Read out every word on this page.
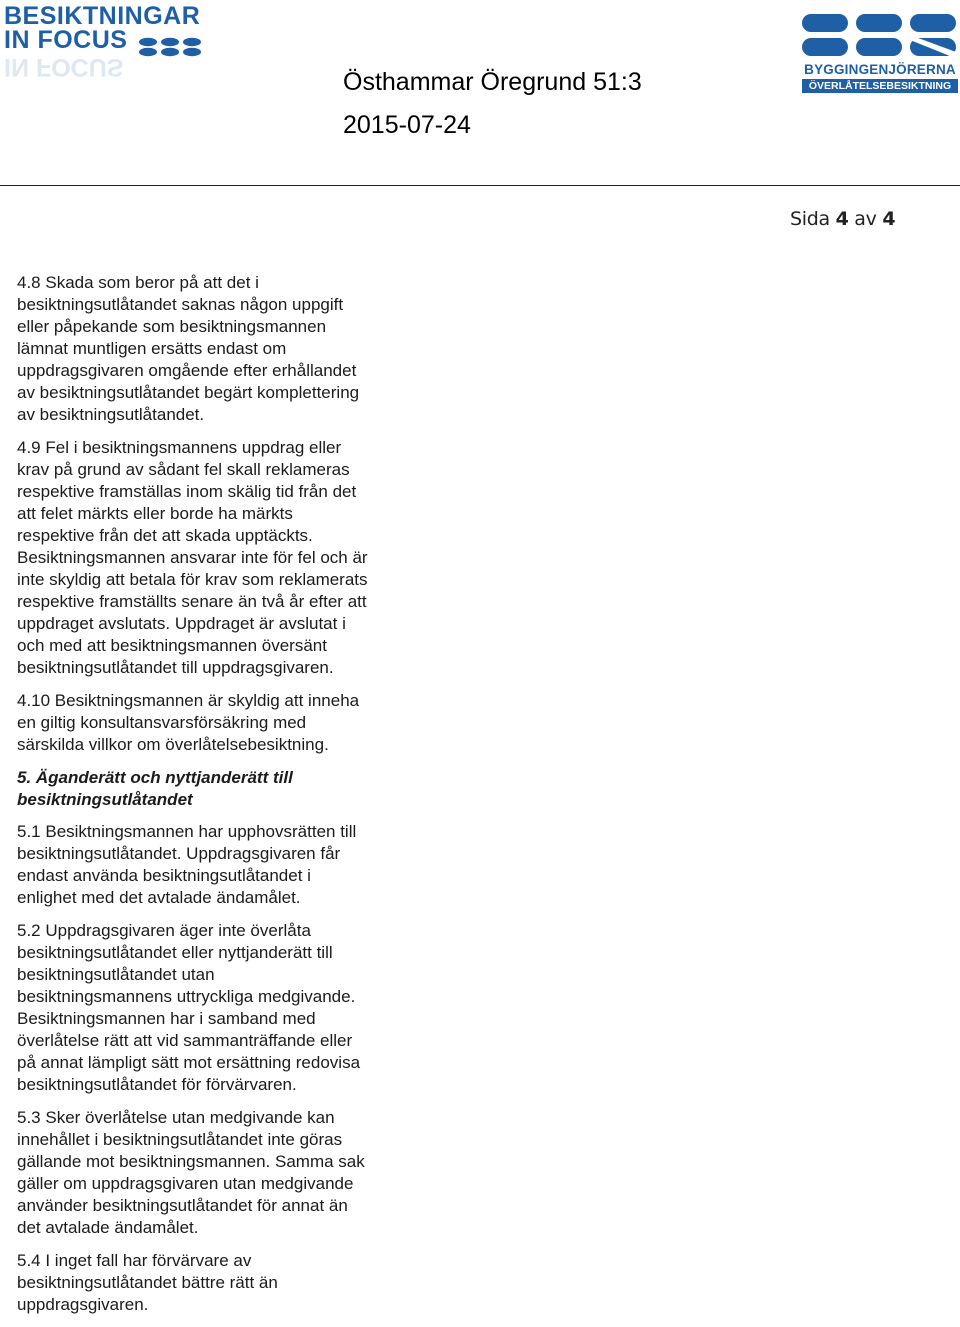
BESIKTNINGAR
IN FOCUS
IN FOCUS
Östhammar Öregrund 51:3
2015-07-24
BYGGINGENJÖRERNA
ÖVERLÅTELSEBESIKTNING
Sida 4 av 4

4.8 Skada som beror på att det i
besiktningsutlåtandet saknas någon uppgift
eller påpekande som besiktningsmannen
lämnat muntligen ersätts endast om
uppdragsgivaren omgående efter erhållandet
av besiktningsutlåtandet begärt komplettering
av besiktningsutlåtandet.

4.9 Fel i besiktningsmannens uppdrag eller
krav på grund av sådant fel skall reklameras
respektive framställas inom skälig tid från det
att felet märkts eller borde ha märkts
respektive från det att skada upptäckts.
Besiktningsmannen ansvarar inte för fel och är
inte skyldig att betala för krav som reklamerats
respektive framställts senare än två år efter att
uppdraget avslutats. Uppdraget är avslutat i
och med att besiktningsmannen översänt
besiktningsutlåtandet till uppdragsgivaren.

4.10 Besiktningsmannen är skyldig att inneha
en giltig konsultansvarsförsäkring med
särskilda villkor om överlåtelsebesiktning.

5. Äganderätt och nyttjanderätt till
besiktningsutlåtandet

5.1 Besiktningsmannen har upphovsrätten till
besiktningsutlåtandet. Uppdragsgivaren får
endast använda besiktningsutlåtandet i
enlighet med det avtalade ändamålet.

5.2 Uppdragsgivaren äger inte överlåta
besiktningsutlåtandet eller nyttjanderätt till
besiktningsutlåtandet utan
besiktningsmannens uttryckliga medgivande.
Besiktningsmannen har i samband med
överlåtelse rätt att vid sammanträffande eller
på annat lämpligt sätt mot ersättning redovisa
besiktningsutlåtandet för förvärvaren.

5.3 Sker överlåtelse utan medgivande kan
innehållet i besiktningsutlåtandet inte göras
gällande mot besiktningsmannen. Samma sak
gäller om uppdragsgivaren utan medgivande
använder besiktningsutlåtandet för annat än
det avtalade ändamålet.

5.4 I inget fall har förvärvare av
besiktningsutlåtandet bättre rätt än
uppdragsgivaren.
